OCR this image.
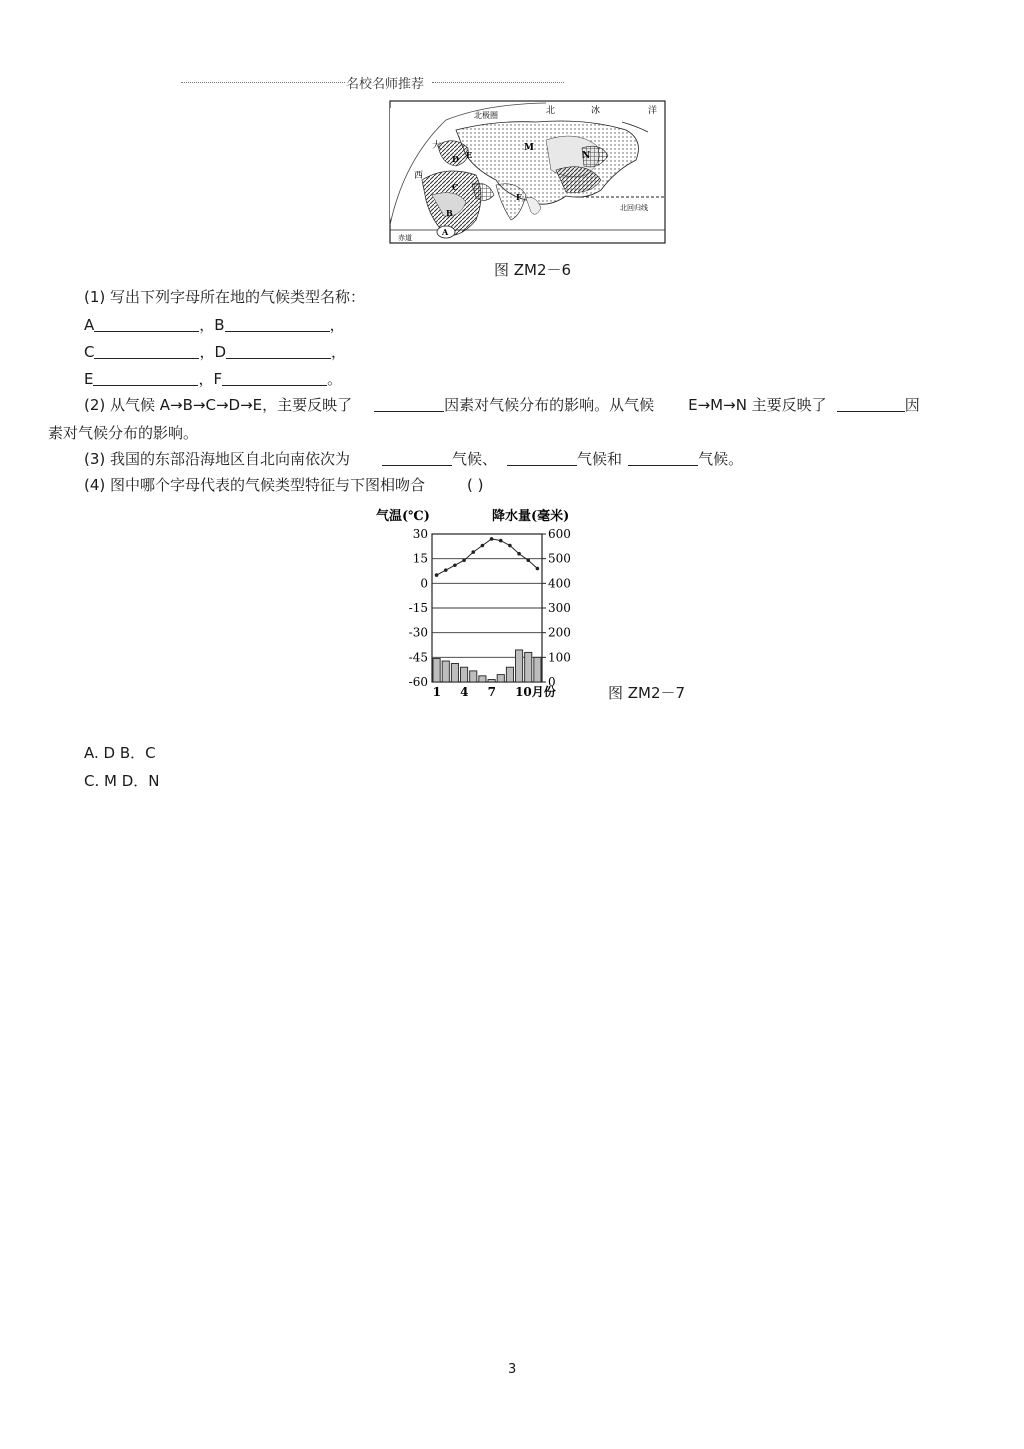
名校名师推荐
北极圈	北	冰	洋
大
西
M
N
D E
C
B
F
A
北回归线
赤道
图 ZM2－6
(1) 写出下列字母所在地的气候类型名称：
A	，B	，
C	，D	，
E	，F	。
(2) 从气候 A→B→C→D→E，主要反映了	因素对气候分布的影响。从气候 E→M→N 主要反映了	因
素对气候分布的影响。
(3) 我国的东部沿海地区自北向南依次为	气候、	气候和	气候。
(4) 图中哪个字母代表的气候类型特征与下图相吻合	( )
气温(℃)	降水量(毫米)
30
15
0
-15
-30
-45
-60
600
500
400
300
200
100
0
1 4 7 10月份	图 ZM2－7
A. D B．C
C. M D．N
3
